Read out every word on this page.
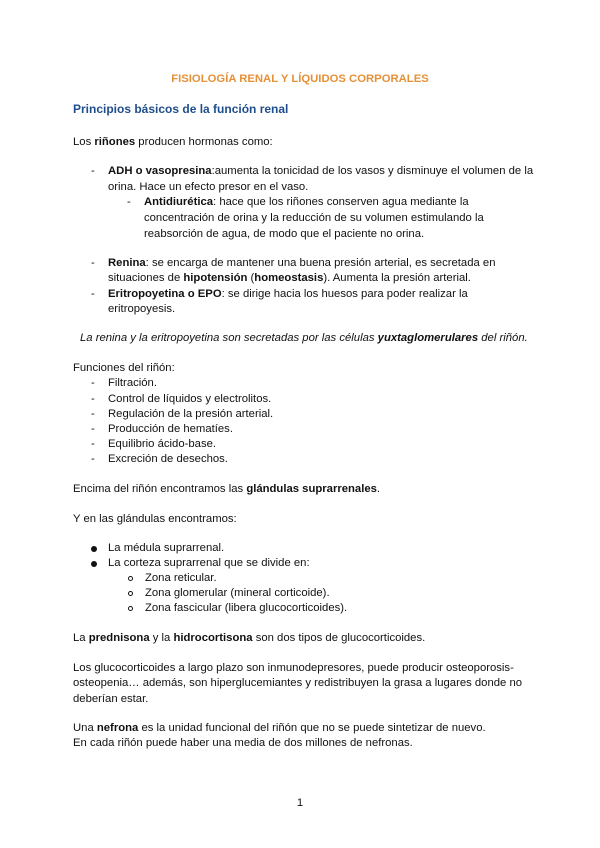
FISIOLOGÍA RENAL Y LÍQUIDOS CORPORALES
Principios básicos de la función renal
Los riñones producen hormonas como:
-	ADH o vasopresina:aumenta la tonicidad de los vasos y disminuye el volumen de la
orina. Hace un efecto presor en el vaso.
-	Antidiurética: hace que los riñones conserven agua mediante la
concentración de orina y la reducción de su volumen estimulando la
reabsorción de agua, de modo que el paciente no orina.
-	Renina: se encarga de mantener una buena presión arterial, es secretada en
situaciones de hipotensión (homeostasis). Aumenta la presión arterial.
-	Eritropoyetina o EPO: se dirige hacia los huesos para poder realizar la
eritropoyesis.
La renina y la eritropoyetina son secretadas por las células yuxtaglomerulares del riñón.
Funciones del riñón:
-	Filtración.
-	Control de líquidos y electrolitos.
-	Regulación de la presión arterial.
-	Producción de hematíes.
-	Equilibrio ácido-base.
-	Excreción de desechos.
Encima del riñón encontramos las glándulas suprarrenales.
Y en las glándulas encontramos:
La médula suprarrenal.
La corteza suprarrenal que se divide en:
Zona reticular.
Zona glomerular (mineral corticoide).
Zona fascicular (libera glucocorticoides).
La prednisona y la hidrocortisona son dos tipos de glucocorticoides.
Los glucocorticoides a largo plazo son inmunodepresores, puede producir osteoporosis-
osteopenia… además, son hiperglucemiantes y redistribuyen la grasa a lugares donde no
deberían estar.
Una nefrona es la unidad funcional del riñón que no se puede sintetizar de nuevo.
En cada riñón puede haber una media de dos millones de nefronas.
1
